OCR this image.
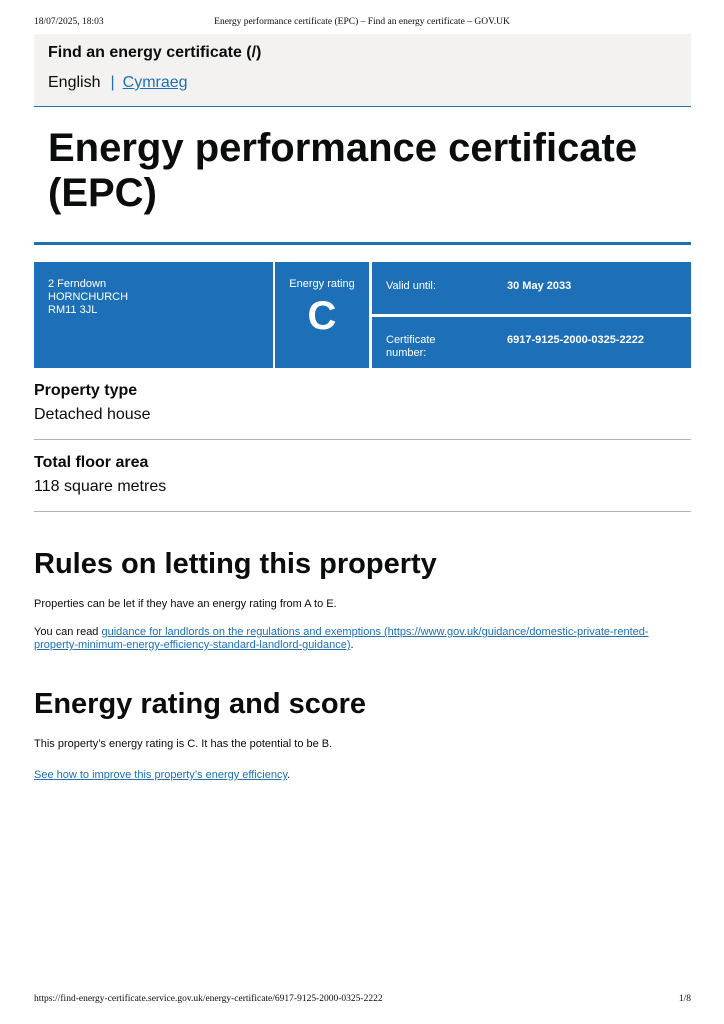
18/07/2025, 18:03	Energy performance certificate (EPC) – Find an energy certificate – GOV.UK
Find an energy certificate (/)
English | Cymraeg
Energy performance certificate (EPC)
2 Ferndown
HORNCHURCH
RM11 3JL
Energy rating
C
Valid until:	30 May 2033
Certificate number:
6917-9125-2000-0325-2222
Property type
Detached house
Total floor area
118 square metres
Rules on letting this property
Properties can be let if they have an energy rating from A to E.
You can read guidance for landlords on the regulations and exemptions (https://www.gov.uk/guidance/domestic-private-rented-property-minimum-energy-efficiency-standard-landlord-guidance).
Energy rating and score
This property’s energy rating is C. It has the potential to be B.
See how to improve this property’s energy efficiency.
https://find-energy-certificate.service.gov.uk/energy-certificate/6917-9125-2000-0325-2222	1/8
